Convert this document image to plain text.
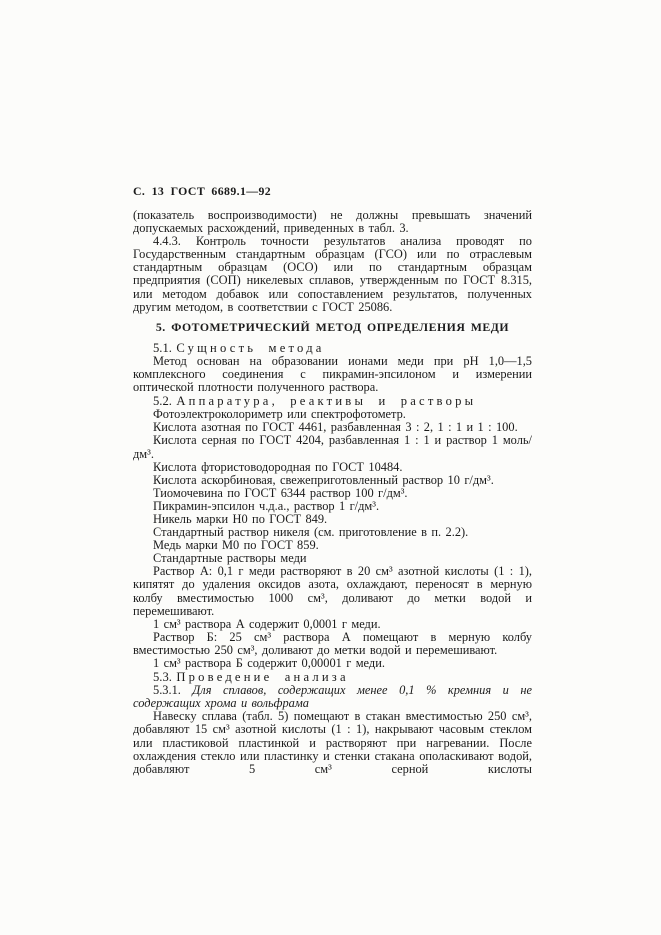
С. 13 ГОСТ 6689.1—92

(показатель воспроизводимости) не должны превышать значений допускаемых расхождений, приведенных в табл. 3.

4.4.3. Контроль точности результатов анализа проводят по Государственным стандартным образцам (ГСО) или по отраслевым стандартным образцам (ОСО) или по стандартным образцам предприятия (СОП) никелевых сплавов, утвержденным по ГОСТ 8.315, или методом добавок или сопоставлением результатов, полученных другим методом, в соответствии с ГОСТ 25086.

5. ФОТОМЕТРИЧЕСКИЙ МЕТОД ОПРЕДЕЛЕНИЯ МЕДИ

5.1. Сущность метода

Метод основан на образовании ионами меди при pH 1,0—1,5 комплексного соединения с пикрамин-эпсилоном и измерении оптической плотности полученного раствора.

5.2. Аппаратура, реактивы и растворы

Фотоэлектроколориметр или спектрофотометр.

Кислота азотная по ГОСТ 4461, разбавленная 3 : 2, 1 : 1 и 1 : 100.

Кислота серная по ГОСТ 4204, разбавленная 1 : 1 и раствор 1 моль/дм³.

Кислота фтористоводородная по ГОСТ 10484.

Кислота аскорбиновая, свежеприготовленный раствор 10 г/дм³.

Тиомочевина по ГОСТ 6344 раствор 100 г/дм³.

Пикрамин-эпсилон ч.д.а., раствор 1 г/дм³.

Никель марки Н0 по ГОСТ 849.

Стандартный раствор никеля (см. приготовление в п. 2.2).

Медь марки М0 по ГОСТ 859.

Стандартные растворы меди

Раствор А: 0,1 г меди растворяют в 20 см³ азотной кислоты (1 : 1), кипятят до удаления оксидов азота, охлаждают, переносят в мерную колбу вместимостью 1000 см³, доливают до метки водой и перемешивают.

1 см³ раствора А содержит 0,0001 г меди.

Раствор Б: 25 см³ раствора А помещают в мерную колбу вместимостью 250 см³, доливают до метки водой и перемешивают.

1 см³ раствора Б содержит 0,00001 г меди.

5.3. Проведение анализа

5.3.1. Для сплавов, содержащих менее 0,1 % кремния и не содержащих хрома и вольфрама

Навеску сплава (табл. 5) помещают в стакан вместимостью 250 см³, добавляют 15 см³ азотной кислоты (1 : 1), накрывают часовым стеклом или пластиковой пластинкой и растворяют при нагревании. После охлаждения стекло или пластинку и стенки стакана ополаскивают водой, добавляют 5 см³ серной кислоты
